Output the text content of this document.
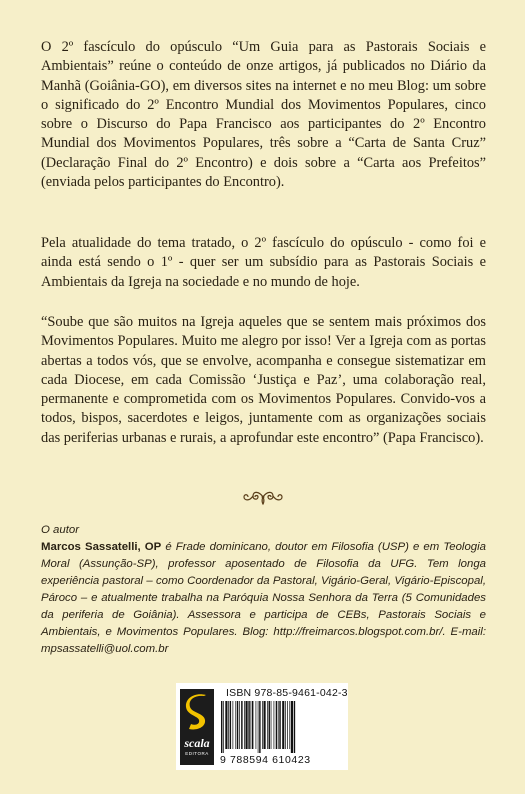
O 2º fascículo do opúsculo “Um Guia para as Pastorais Sociais e Ambientais” reúne o conteúdo de onze artigos, já publicados no Diário da Manhã (Goiânia-GO), em diversos sites na internet e no meu Blog: um sobre o significado do 2º Encontro Mundial dos Movimentos Populares, cinco sobre o Discurso do Papa Francisco aos participantes do 2º Encontro Mundial dos Movimentos Populares, três sobre a “Carta de Santa Cruz” (Declaração Final do 2º Encontro) e dois sobre a “Carta aos Prefeitos” (enviada pelos participantes do Encontro).

Pela atualidade do tema tratado, o 2º fascículo do opúsculo - como foi e ainda está sendo o 1º - quer ser um subsídio para as Pastorais Sociais e Ambientais da Igreja na sociedade e no mundo de hoje.

“Soube que são muitos na Igreja aqueles que se sentem mais próximos dos Movimentos Populares. Muito me alegro por isso! Ver a Igreja com as portas abertas a todos vós, que se envolve, acompanha e consegue sistematizar em cada Diocese, em cada Comissão ‘Justiça e Paz’, uma colaboração real, permanente e comprometida com os Movimentos Populares. Convido-vos a todos, bispos, sacerdotes e leigos, juntamente com as organizações sociais das periferias urbanas e rurais, a aprofundar este encontro” (Papa Francisco).

O autor
Marcos Sassatelli, OP é Frade dominicano, doutor em Filosofia (USP) e em Teologia Moral (Assunção-SP), professor aposentado de Filosofia da UFG. Tem longa experiência pastoral – como Coordenador da Pastoral, Vigário-Geral, Vigário-Episcopal, Pároco – e atualmente trabalha na Paróquia Nossa Senhora da Terra (5 Comunidades da periferia de Goiânia). Assessora e participa de CEBs, Pastorais Sociais e Ambientais, e Movimentos Populares. Blog: http://freimarcos.blogspot.com.br/. E-mail: mpsassatelli@uol.com.br
scala
EDITORA
ISBN 978-85-9461-042-3
9 788594 610423
